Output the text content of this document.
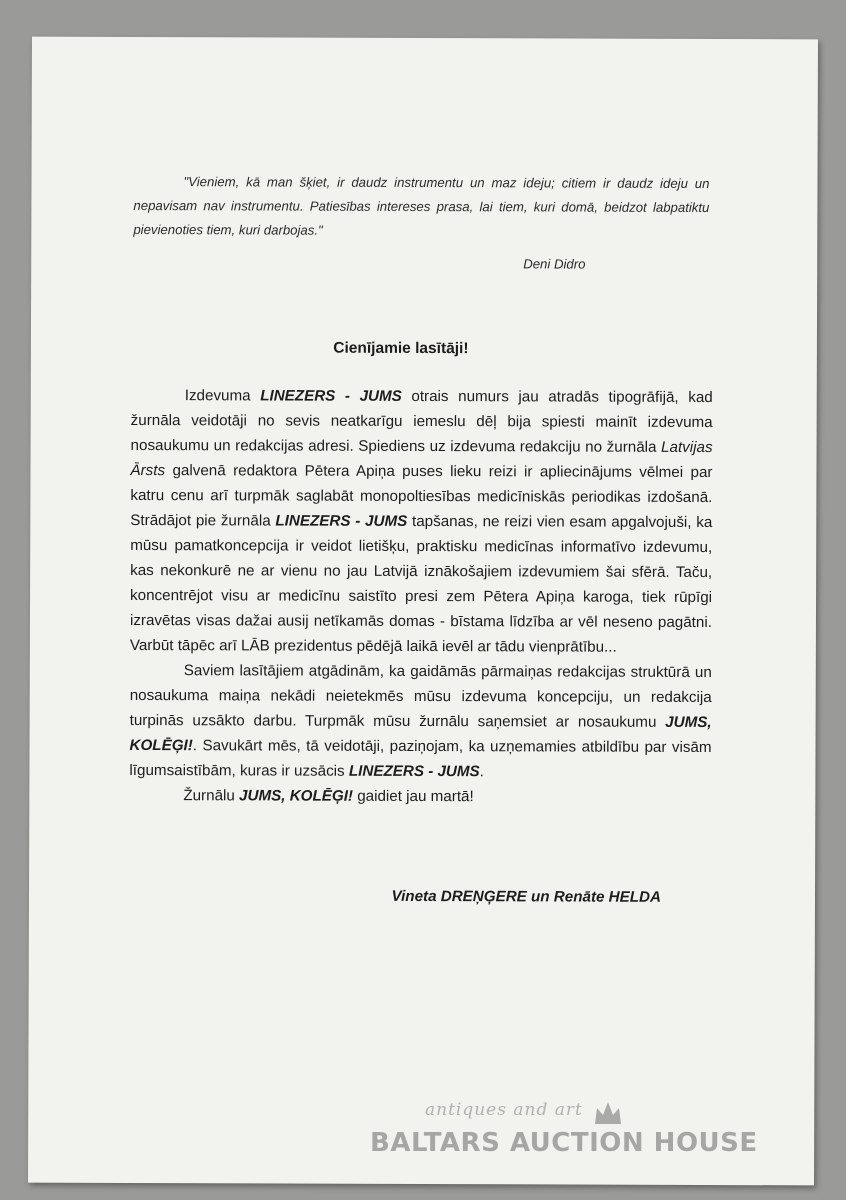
"Vieniem, kā man šķiet, ir daudz instrumentu un maz ideju; citiem ir daudz ideju un nepavisam nav instrumentu. Patiesības intereses prasa, lai tiem, kuri domā, beidzot labpatiktu pievienoties tiem, kuri darbojas."
Deni Didro
Cienījamie lasītāji!

Izdevuma LINEZERS - JUMS otrais numurs jau atradās tipogrāfijā, kad žurnāla veidotāji no sevis neatkarīgu iemeslu dēļ bija spiesti mainīt izdevuma nosaukumu un redakcijas adresi. Spiediens uz izdevuma redakciju no žurnāla Latvijas Ārsts galvenā redaktora Pētera Apiņa puses lieku reizi ir apliecinājums vēlmei par katru cenu arī turpmāk saglabāt monopoltiesības medicīniskās periodikas izdošanā. Strādājot pie žurnāla LINEZERS - JUMS tapšanas, ne reizi vien esam apgalvojuši, ka mūsu pamatkoncepcija ir veidot lietišķu, praktisku medicīnas informatīvo izdevumu, kas nekonkurē ne ar vienu no jau Latvijā iznākošajiem izdevumiem šai sfērā. Taču, koncentrējot visu ar medicīnu saistīto presi zem Pētera Apiņa karoga, tiek rūpīgi izravētas visas dažai ausij netīkamās domas - bīstama līdzība ar vēl neseno pagātni. Varbūt tāpēc arī LĀB prezidentus pēdējā laikā ievēl ar tādu vienprātību...

Saviem lasītājiem atgādinām, ka gaidāmās pārmaiņas redakcijas struktūrā un nosaukuma maiņa nekādi neietekmēs mūsu izdevuma koncepciju, un redakcija turpinās uzsākto darbu. Turpmāk mūsu žurnālu saņemsiet ar nosaukumu JUMS, KOLĒĢI!. Savukārt mēs, tā veidotāji, paziņojam, ka uzņemamies atbildību par visām līgumsaistībām, kuras ir uzsācis LINEZERS - JUMS.

Žurnālu JUMS, KOLĒĢI! gaidiet jau martā!

Vineta DREŅĢERE un Renāte HELDA
antiques and art
BALTARS AUCTION HOUSE
